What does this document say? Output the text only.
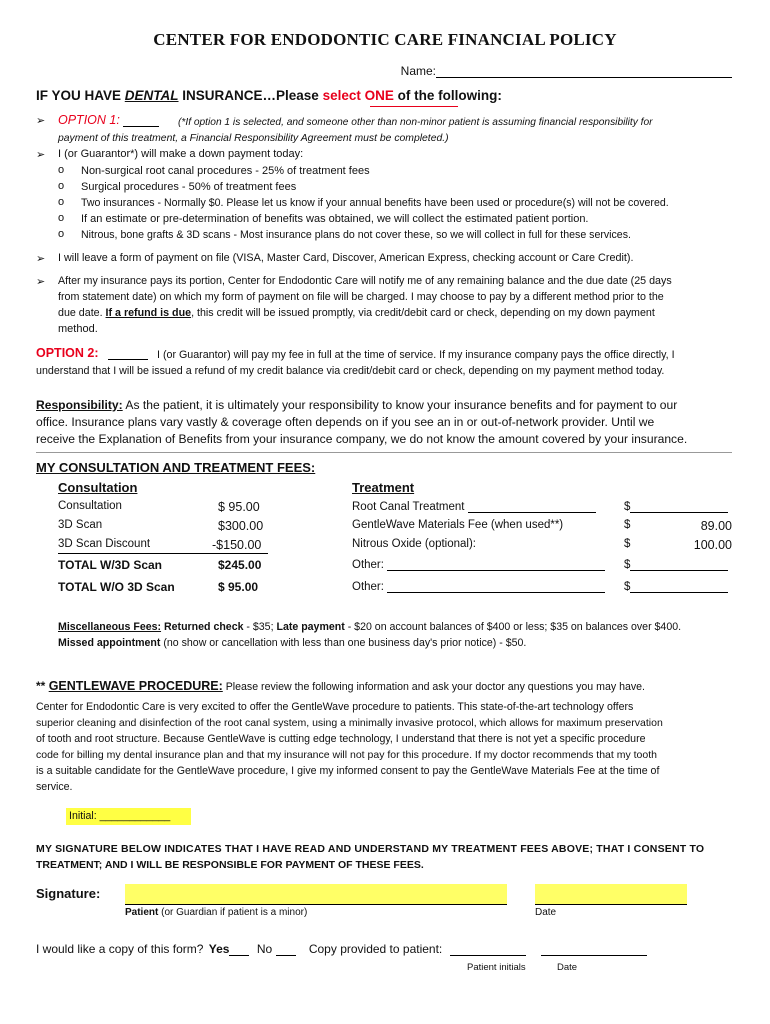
CENTER FOR ENDODONTIC CARE FINANCIAL POLICY
Name:
IF YOU HAVE DENTAL INSURANCE…Please select ONE of the following:
➢ OPTION 1:	(*If option 1 is selected, and someone other than non-minor patient is assuming financial responsibility for
payment of this treatment, a Financial Responsibility Agreement must be completed.)
➢ I (or Guarantor*) will make a down payment today:
o Non-surgical root canal procedures - 25% of treatment fees
o Surgical procedures - 50% of treatment fees
o Two insurances - Normally $0. Please let us know if your annual benefits have been used or procedure(s) will not be covered.
o If an estimate or pre-determination of benefits was obtained, we will collect the estimated patient portion.
o Nitrous, bone grafts & 3D scans - Most insurance plans do not cover these, so we will collect in full for these services.
➢ I will leave a form of payment on file (VISA, Master Card, Discover, American Express, checking account or Care Credit).
➢ After my insurance pays its portion, Center for Endodontic Care will notify me of any remaining balance and the due date (25 days
from statement date) on which my form of payment on file will be charged. I may choose to pay by a different method prior to the
due date. If a refund is due, this credit will be issued promptly, via credit/debit card or check, depending on my down payment
method.
OPTION 2:	I (or Guarantor) will pay my fee in full at the time of service. If my insurance company pays the office directly, I
understand that I will be issued a refund of my credit balance via credit/debit card or check, depending on my payment method today.
Responsibility: As the patient, it is ultimately your responsibility to know your insurance benefits and for payment to our
office. Insurance plans vary vastly & coverage often depends on if you see an in or out-of-network provider. Until we
receive the Explanation of Benefits from your insurance company, we do not know the amount covered by your insurance.
MY CONSULTATION AND TREATMENT FEES:
Consultation	Treatment
Consultation	$ 95.00
3D Scan	$300.00
3D Scan Discount	-$150.00
TOTAL W/3D Scan	$245.00
TOTAL W/O 3D Scan	$ 95.00
Root Canal Treatment	$
GentleWave Materials Fee (when used**)	$	89.00
Nitrous Oxide (optional):	$	100.00
Other:	$
Other:	$
Miscellaneous Fees: Returned check - $35; Late payment - $20 on account balances of $400 or less; $35 on balances over $400.
Missed appointment (no show or cancellation with less than one business day's prior notice) - $50.
** GENTLEWAVE PROCEDURE: Please review the following information and ask your doctor any questions you may have.
Center for Endodontic Care is very excited to offer the GentleWave procedure to patients. This state-of-the-art technology offers
superior cleaning and disinfection of the root canal system, using a minimally invasive protocol, which allows for maximum preservation
of tooth and root structure. Because GentleWave is cutting edge technology, I understand that there is not yet a specific procedure
code for billing my dental insurance plan and that my insurance will not pay for this procedure. If my doctor recommends that my tooth
is a suitable candidate for the GentleWave procedure, I give my informed consent to pay the GentleWave Materials Fee at the time of
service.
Initial: ____________
MY SIGNATURE BELOW INDICATES THAT I HAVE READ AND UNDERSTAND MY TREATMENT FEES ABOVE; THAT I CONSENT TO
TREATMENT; AND I WILL BE RESPONSIBLE FOR PAYMENT OF THESE FEES.
Signature:
Patient (or Guardian if patient is a minor)	Date
I would like a copy of this form? Yes No	Copy provided to patient:
Patient initials	Date
